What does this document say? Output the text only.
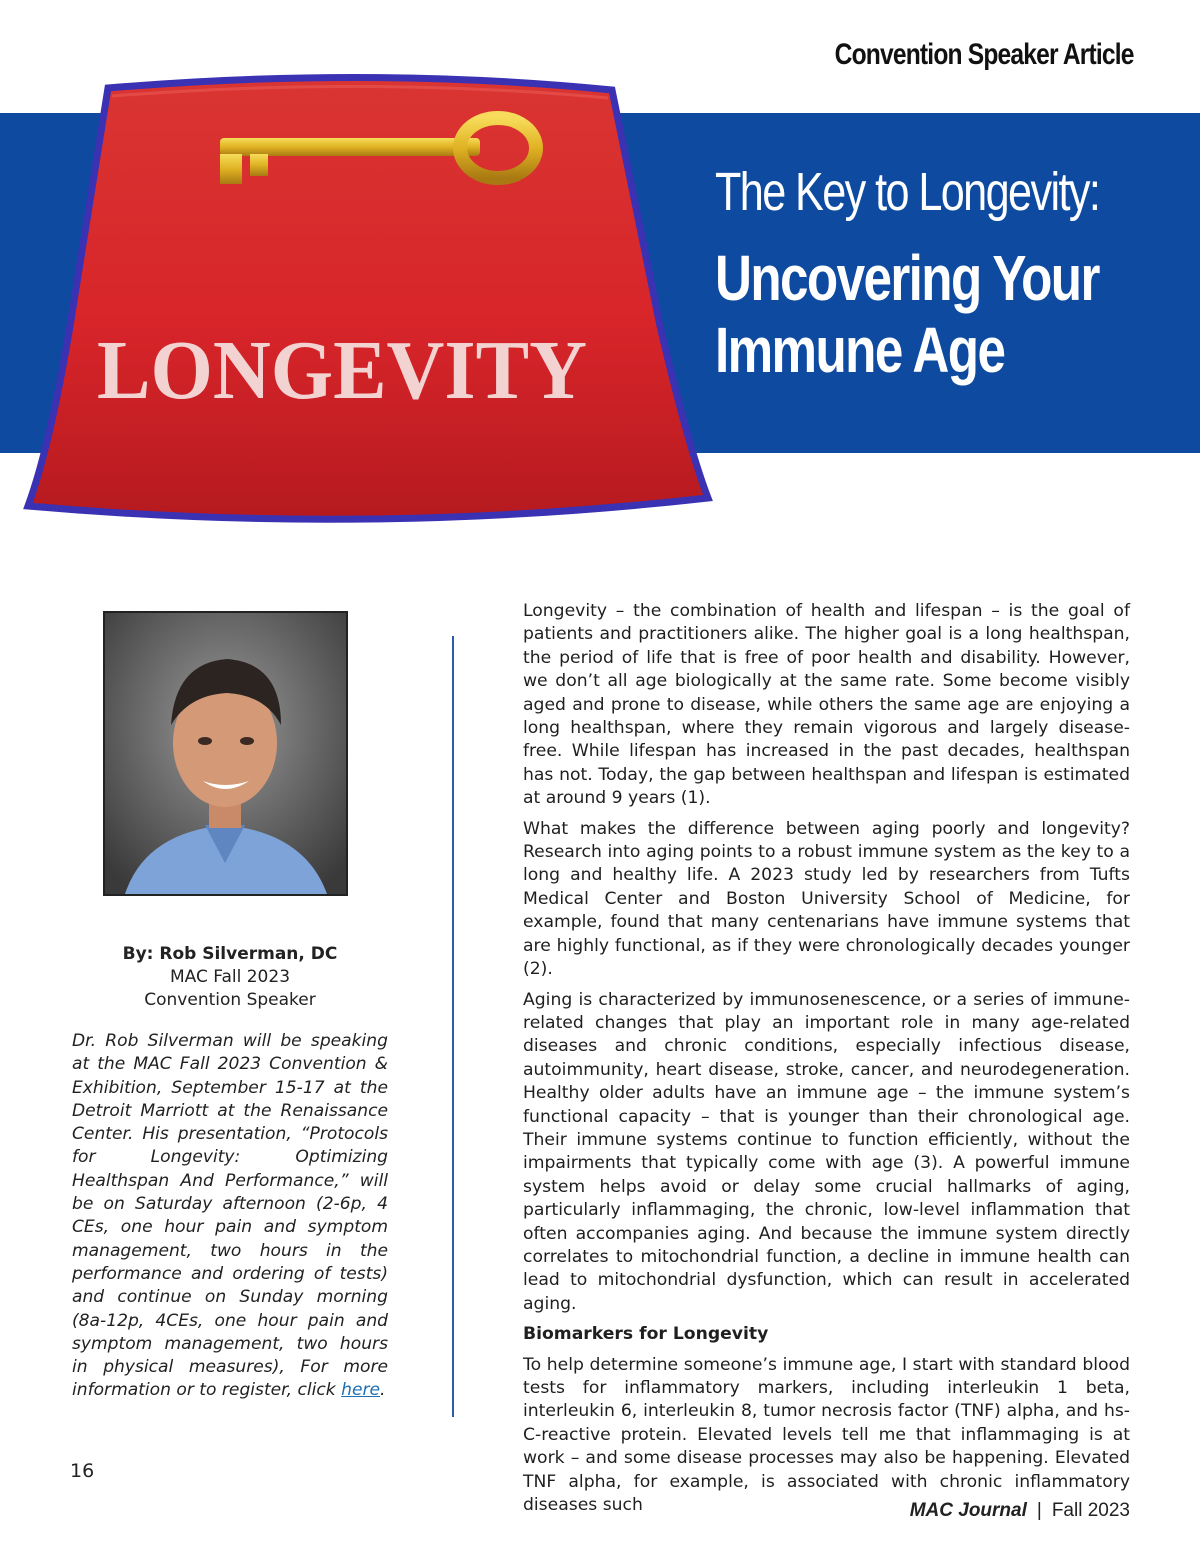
Convention Speaker Article
LONGEVITY
The Key to Longevity:
Uncovering Your
Immune Age
By: Rob Silverman, DC
MAC Fall 2023
Convention Speaker
Dr. Rob Silverman will be speaking at the MAC Fall 2023 Convention & Exhibition, September 15-17 at the Detroit Marriott at the Renaissance Center. His presentation, “Protocols for Longevity: Optimizing Healthspan And Performance,” will be on Saturday afternoon (2-6p, 4 CEs, one hour pain and symptom management, two hours in the performance and ordering of tests) and continue on Sunday morning (8a-12p, 4CEs, one hour pain and symptom management, two hours in physical measures), For more information or to register, click here.

Longevity – the combination of health and lifespan – is the goal of patients and practitioners alike. The higher goal is a long healthspan, the period of life that is free of poor health and disability. However, we don’t all age biologically at the same rate. Some become visibly aged and prone to disease, while others the same age are enjoying a long healthspan, where they remain vigorous and largely disease-free. While lifespan has increased in the past decades, healthspan has not. Today, the gap between healthspan and lifespan is estimated at around 9 years (1).

What makes the difference between aging poorly and longevity? Research into aging points to a robust immune system as the key to a long and healthy life. A 2023 study led by researchers from Tufts Medical Center and Boston University School of Medicine, for example, found that many centenarians have immune systems that are highly functional, as if they were chronologically decades younger (2).

Aging is characterized by immunosenescence, or a series of immune-related changes that play an important role in many age-related diseases and chronic conditions, especially infectious disease, autoimmunity, heart disease, stroke, cancer, and neurodegeneration. Healthy older adults have an immune age – the immune system’s functional capacity – that is younger than their chronological age. Their immune systems continue to function efficiently, without the impairments that typically come with age (3). A powerful immune system helps avoid or delay some crucial hallmarks of aging, particularly inflammaging, the chronic, low-level inflammation that often accompanies aging. And because the immune system directly correlates to mitochondrial function, a decline in immune health can lead to mitochondrial dysfunction, which can result in accelerated aging.

Biomarkers for Longevity

To help determine someone’s immune age, I start with standard blood tests for inflammatory markers, including interleukin 1 beta, interleukin 6, interleukin 8, tumor necrosis factor (TNF) alpha, and hs-C-reactive protein. Elevated levels tell me that inflammaging is at work – and some disease processes may also be happening. Elevated TNF alpha, for example, is associated with chronic inflammatory diseases such

16
MAC Journal | Fall 2023
